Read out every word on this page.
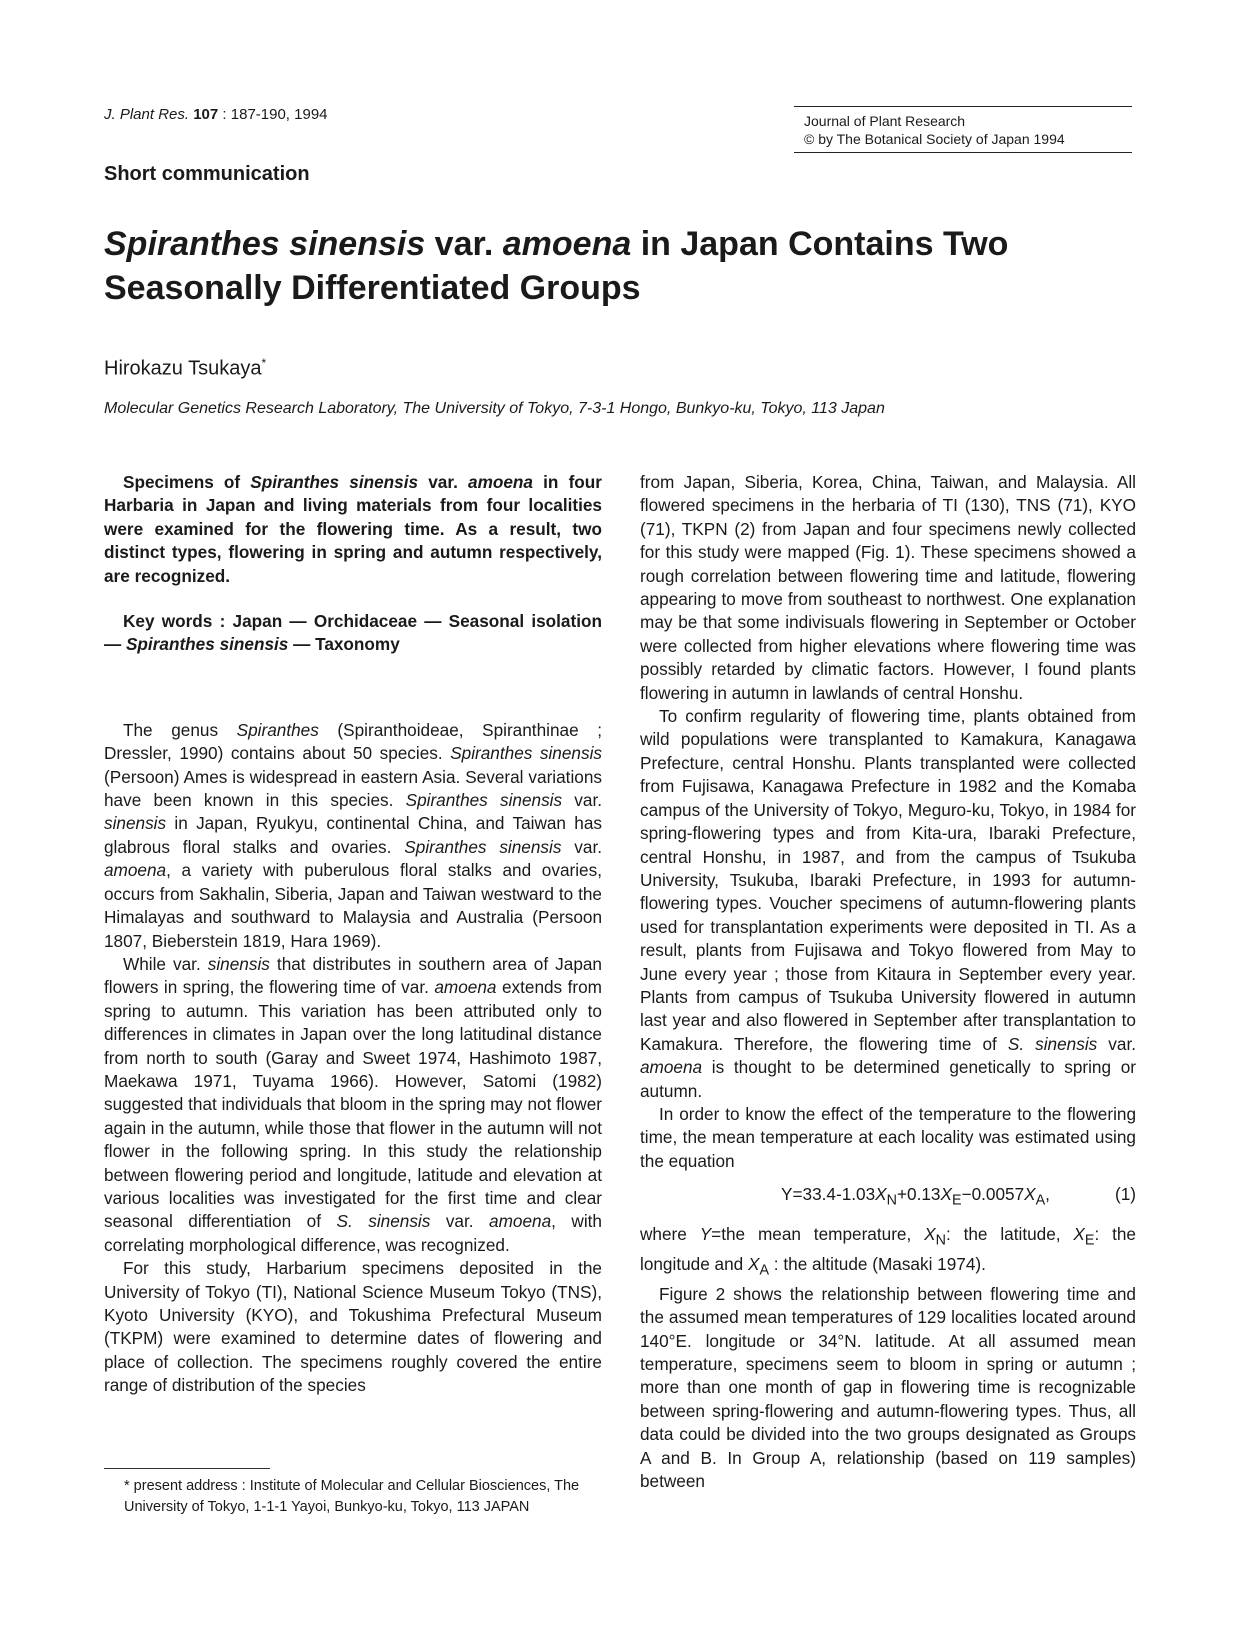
J. Plant Res. 107 : 187-190, 1994	Journal of Plant Research
© by The Botanical Society of Japan 1994
Short communication
Spiranthes sinensis var. amoena in Japan Contains Two Seasonally Differentiated Groups
Hirokazu Tsukaya*
Molecular Genetics Research Laboratory, The University of Tokyo, 7-3-1 Hongo, Bunkyo-ku, Tokyo, 113 Japan

Specimens of Spiranthes sinensis var. amoena in four Harbaria in Japan and living materials from four localities were examined for the flowering time. As a result, two distinct types, flowering in spring and autumn respectively, are recognized.

Key words : Japan — Orchidaceae — Seasonal isolation — Spiranthes sinensis — Taxonomy

The genus Spiranthes (Spiranthoideae, Spiranthinae ; Dressler, 1990) contains about 50 species. Spiranthes sinensis (Persoon) Ames is widespread in eastern Asia. Several variations have been known in this species. Spiranthes sinensis var. sinensis in Japan, Ryukyu, continental China, and Taiwan has glabrous floral stalks and ovaries. Spiranthes sinensis var. amoena, a variety with puberulous floral stalks and ovaries, occurs from Sakhalin, Siberia, Japan and Taiwan westward to the Himalayas and southward to Malaysia and Australia (Persoon 1807, Bieberstein 1819, Hara 1969).

While var. sinensis that distributes in southern area of Japan flowers in spring, the flowering time of var. amoena extends from spring to autumn. This variation has been attributed only to differences in climates in Japan over the long latitudinal distance from north to south (Garay and Sweet 1974, Hashimoto 1987, Maekawa 1971, Tuyama 1966). However, Satomi (1982) suggested that individuals that bloom in the spring may not flower again in the autumn, while those that flower in the autumn will not flower in the following spring. In this study the relationship between flowering period and longitude, latitude and elevation at various localities was investigated for the first time and clear seasonal differentiation of S. sinensis var. amoena, with correlating morphological difference, was recognized.

For this study, Harbarium specimens deposited in the University of Tokyo (TI), National Science Museum Tokyo (TNS), Kyoto University (KYO), and Tokushima Prefectural Museum (TKPM) were examined to determine dates of flowering and place of collection. The specimens roughly covered the entire range of distribution of the species

* present address : Institute of Molecular and Cellular Biosciences, The University of Tokyo, 1-1-1 Yayoi, Bunkyo-ku, Tokyo, 113 JAPAN

from Japan, Siberia, Korea, China, Taiwan, and Malaysia. All flowered specimens in the herbaria of TI (130), TNS (71), KYO (71), TKPN (2) from Japan and four specimens newly collected for this study were mapped (Fig. 1). These specimens showed a rough correlation between flowering time and latitude, flowering appearing to move from southeast to northwest. One explanation may be that some indivisuals flowering in September or October were collected from higher elevations where flowering time was possibly retarded by climatic factors. However, I found plants flowering in autumn in lawlands of central Honshu.

To confirm regularity of flowering time, plants obtained from wild populations were transplanted to Kamakura, Kanagawa Prefecture, central Honshu. Plants transplanted were collected from Fujisawa, Kanagawa Prefecture in 1982 and the Komaba campus of the University of Tokyo, Meguro-ku, Tokyo, in 1984 for spring-flowering types and from Kita-ura, Ibaraki Prefecture, central Honshu, in 1987, and from the campus of Tsukuba University, Tsukuba, Ibaraki Prefecture, in 1993 for autumn-flowering types. Voucher specimens of autumn-flowering plants used for transplantation experiments were deposited in TI. As a result, plants from Fujisawa and Tokyo flowered from May to June every year ; those from Kitaura in September every year. Plants from campus of Tsukuba University flowered in autumn last year and also flowered in September after transplantation to Kamakura. Therefore, the flowering time of S. sinensis var. amoena is thought to be determined genetically to spring or autumn.

In order to know the effect of the temperature to the flowering time, the mean temperature at each locality was estimated using the equation

$Y=33.4-1.03X_N+0.13X_E-0.0057X_A$,	(1)

where Y=the mean temperature, $X_N$: the latitude, $X_E$: the longitude and $X_A$ : the altitude (Masaki 1974).

Figure 2 shows the relationship between flowering time and the assumed mean temperatures of 129 localities located around 140°E. longitude or 34°N. latitude. At all assumed mean temperature, specimens seem to bloom in spring or autumn ; more than one month of gap in flowering time is recognizable between spring-flowering and autumn-flowering types. Thus, all data could be divided into the two groups designated as Groups A and B. In Group A, relationship (based on 119 samples) between
